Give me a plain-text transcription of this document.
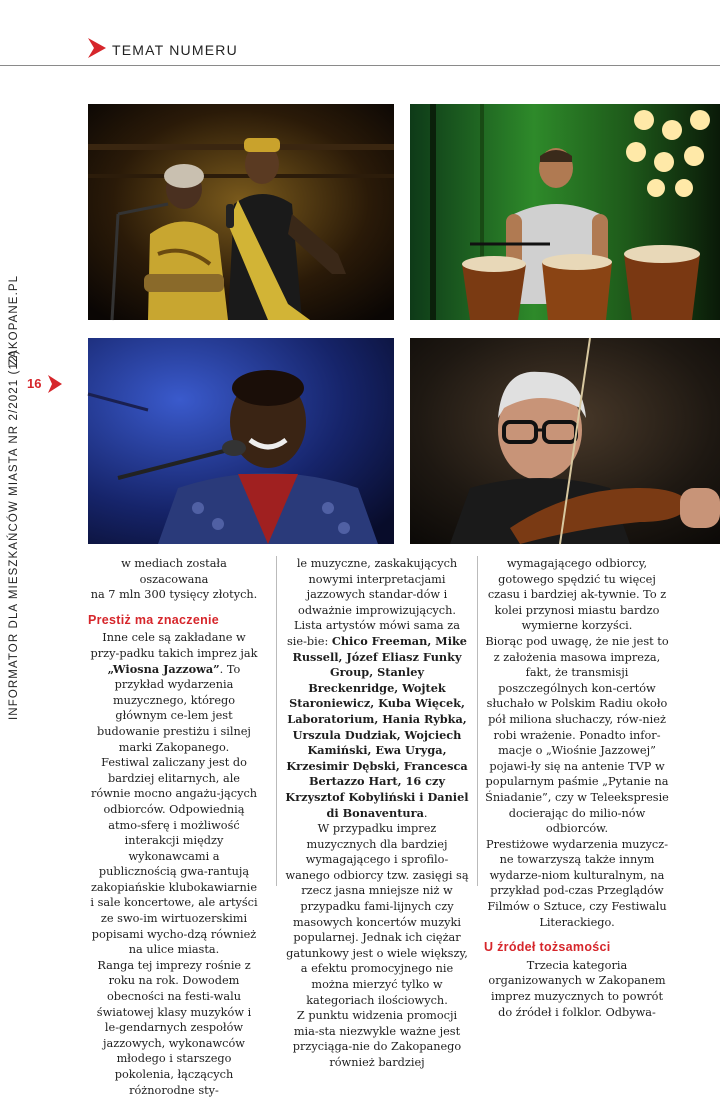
TEMAT NUMERU
INFORMATOR DLA MIESZKAŃCÓW MIASTA NR 2/2021 (12)
ZAKOPANE.PL
16

w mediach została oszacowana
na 7 mln 300 tysięcy złotych.

Prestiż ma znaczenie

Inne cele są zakładane w przy-padku takich imprez jak „Wiosna Jazzowa”. To przykład wydarzenia muzycznego, którego głównym ce-lem jest budowanie prestiżu i silnej marki Zakopanego.

Festiwal zaliczany jest do bardziej elitarnych, ale równie mocno angażu-jących odbiorców. Odpowiednią atmo-sferę i możliwość interakcji między wykonawcami a publicznością gwa-rantują zakopiańskie klubokawiarnie i sale koncertowe, ale artyści ze swo-im wirtuozerskimi popisami wycho-dzą również na ulice miasta.

Ranga tej imprezy rośnie z roku na rok. Dowodem obecności na festi-walu światowej klasy muzyków i le-gendarnych zespołów jazzowych, wykonawców młodego i starszego pokolenia, łączących różnorodne sty-

le muzyczne, zaskakujących nowymi interpretacjami jazzowych standar-dów i odważnie improwizujących.

Lista artystów mówi sama za sie-bie: Chico Freeman, Mike Russell, Józef Eliasz Funky Group, Stanley Breckenridge, Wojtek Staroniewicz, Kuba Więcek, Laboratorium, Hania Rybka, Urszula Dudziak, Wojciech Kamiński, Ewa Uryga, Krzesimir Dębski, Francesca Bertazzo Hart, 16 czy Krzysztof Kobyliński i Daniel di Bonaventura.

W przypadku imprez muzycznych dla bardziej wymagającego i sprofilo-wanego odbiorcy tzw. zasięgi są rzecz jasna mniejsze niż w przypadku fami-lijnych czy masowych koncertów muzyki popularnej. Jednak ich ciężar gatunkowy jest o wiele większy, a efektu promocyjnego nie można mierzyć tylko w kategoriach ilościowych.

Z punktu widzenia promocji mia-sta niezwykle ważne jest przyciąga-nie do Zakopanego również bardziej

wymagającego odbiorcy, gotowego spędzić tu więcej czasu i bardziej ak-tywnie. To z kolei przynosi miastu bardzo wymierne korzyści.

Biorąc pod uwagę, że nie jest to z założenia masowa impreza, fakt, że transmisji poszczególnych kon-certów słuchało w Polskim Radiu około pół miliona słuchaczy, rów-nież robi wrażenie. Ponadto infor-macje o „Wiośnie Jazzowej” pojawi-ły się na antenie TVP w popularnym paśmie „Pytanie na Śniadanie”, czy w Teleekspresie docierając do milio-nów odbiorców.

Prestiżowe wydarzenia muzycz-ne towarzyszą także innym wydarze-niom kulturalnym, na przykład pod-czas Przeglądów Filmów o Sztuce, czy Festiwalu Literackiego.

U źródeł tożsamości

Trzecia kategoria organizowanych w Zakopanem imprez muzycznych to powrót do źródeł i folklor. Odbywa-
